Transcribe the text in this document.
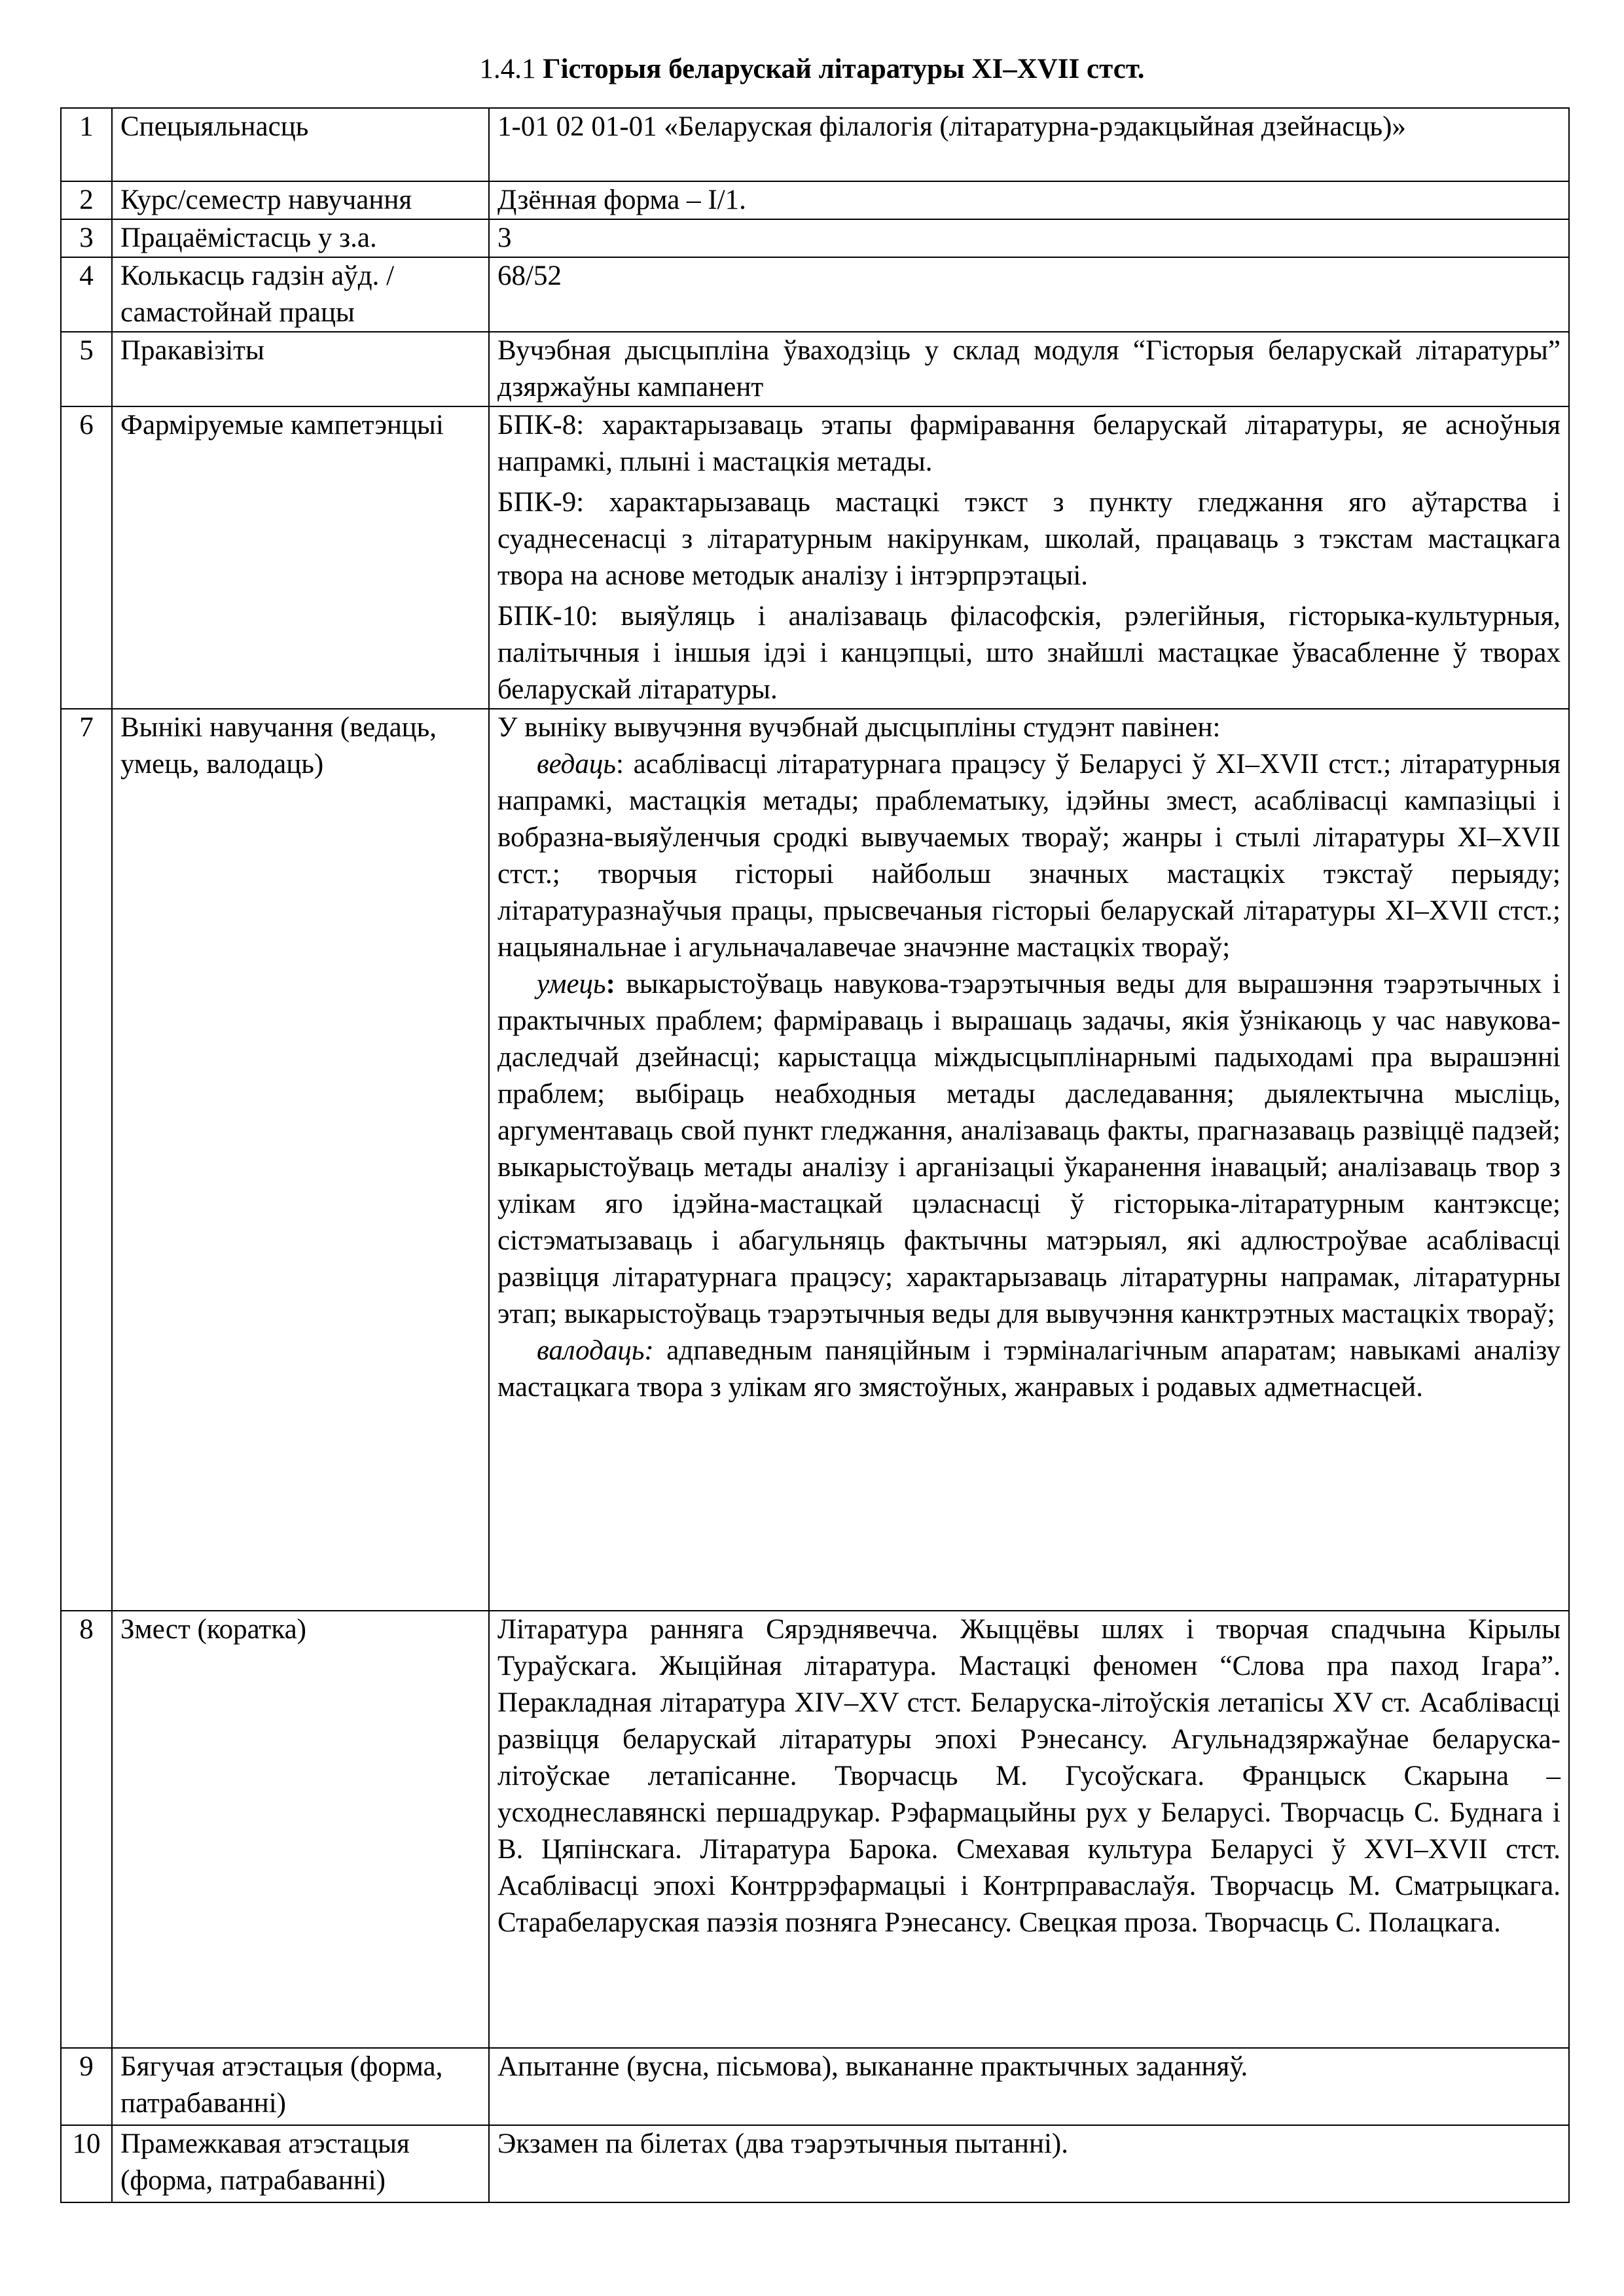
1.4.1 Гісторыя беларускай літаратуры XI–XVII стст.
1	Спецыяльнасць	1-01 02 01-01 «Беларуская філалогія (літаратурна-рэдакцыйная дзейнасць)»
2	Курс/семестр навучання	Дзённая форма – І/1.
3	Працаёмістасць у з.а.	3
4	Колькасць гадзін аўд. / самастойнай працы	68/52
5	Пракавізіты	Вучэбная дысцыпліна ўваходзіць у склад модуля “Гісторыя беларускай літаратуры” дзяржаўны кампанент
6	Фарміруемые кампетэнцыі	БПК-8: характарызаваць этапы фарміравання беларускай літаратуры, яе асноўныя напрамкі, плыні і мастацкія метады.
БПК-9: характарызаваць мастацкі тэкст з пункту гледжання яго аўтарства і суаднесенасці з літаратурным накірункам, школай, працаваць з тэкстам мастацкага твора на аснове методык аналізу і інтэрпрэтацыі.
БПК-10: выяўляць і аналізаваць філасофскія, рэлегійныя, гісторыка-культурныя, палітычныя і іншыя ідэі і канцэпцыі, што знайшлі мастацкае ўвасабленне ў творах беларускай літаратуры.

7	Вынікі навучання (ведаць, умець, валодаць)	У выніку вывучэння вучэбнай дысцыпліны студэнт павінен:
ведаць: асаблівасці літаратурнага працэсу ў Беларусі ў XI–XVII стст.; літаратурныя напрамкі, мастацкія метады; праблематыку, ідэйны змест, асаблівасці кампазіцыі і вобразна-выяўленчыя сродкі вывучаемых твораў; жанры і стылі літаратуры XI–XVII стст.; творчыя гісторыі найбольш значных мастацкіх тэкстаў перыяду; літаратуразнаўчыя працы, прысвечаныя гісторыі беларускай літаратуры XI–XVII стст.; нацыянальнае і агульначалавечае значэнне мастацкіх твораў;
умець: выкарыстоўваць навукова-тэарэтычныя веды для вырашэння тэарэтычных і практычных праблем; фарміраваць і вырашаць задачы, якія ўзнікаюць у час навукова-даследчай дзейнасці; карыстацца міждысцыплінарнымі падыходамі пра вырашэнні праблем; выбіраць неабходныя метады даследавання; дыялектычна мысліць, аргументаваць свой пункт гледжання, аналізаваць факты, прагназаваць развіццё падзей; выкарыстоўваць метады аналізу і арганізацыі ўкаранення інавацый; аналізаваць твор з улікам яго ідэйна-мастацкай цэласнасці ў гісторыка-літаратурным кантэксце; сістэматызаваць і абагульняць фактычны матэрыял, які адлюстроўвае асаблівасці развіцця літаратурнага працэсу; характарызаваць літаратурны напрамак, літаратурны этап; выкарыстоўваць тэарэтычныя веды для вывучэння канктрэтных мастацкіх твораў;
валодаць: адпаведным паняційным і тэрміналагічным апаратам; навыкамі аналізу мастацкага твора з улікам яго змястоўных, жанравых і родавых адметнасцей.

8	Змест (коратка)	Літаратура ранняга Сярэднявечча. Жыццёвы шлях і творчая спадчына Кірылы Тураўскага. Жыційная літаратура. Мастацкі феномен “Слова пра паход Ігара”. Перакладная літаратура XIV–XV стст. Беларуска-літоўскія летапісы XV ст. Асаблівасці развіцця беларускай літаратуры эпохі Рэнесансу. Агульнадзяржаўнае беларуска-літоўскае летапісанне. Творчасць М. Гусоўскага. Францыск Скарына – усходнеславянскі першадрукар. Рэфармацыйны рух у Беларусі. Творчасць С. Буднага і В. Цяпінскага. Літаратура Барока. Смехавая культура Беларусі ў XVI–XVII стст. Асаблівасці эпохі Контррэфармацыі і Контрправаслаўя. Творчасць М. Сматрыцкага. Старабеларуская паэзія позняга Рэнесансу. Свецкая проза. Творчасць С. Полацкага.
9	Бягучая атэстацыя (форма, патрабаванні)	Апытанне (вусна, пісьмова), выкананне практычных заданняў.
10	Прамежкавая атэстацыя (форма, патрабаванні)	Экзамен па білетах (два тэарэтычныя пытанні).
